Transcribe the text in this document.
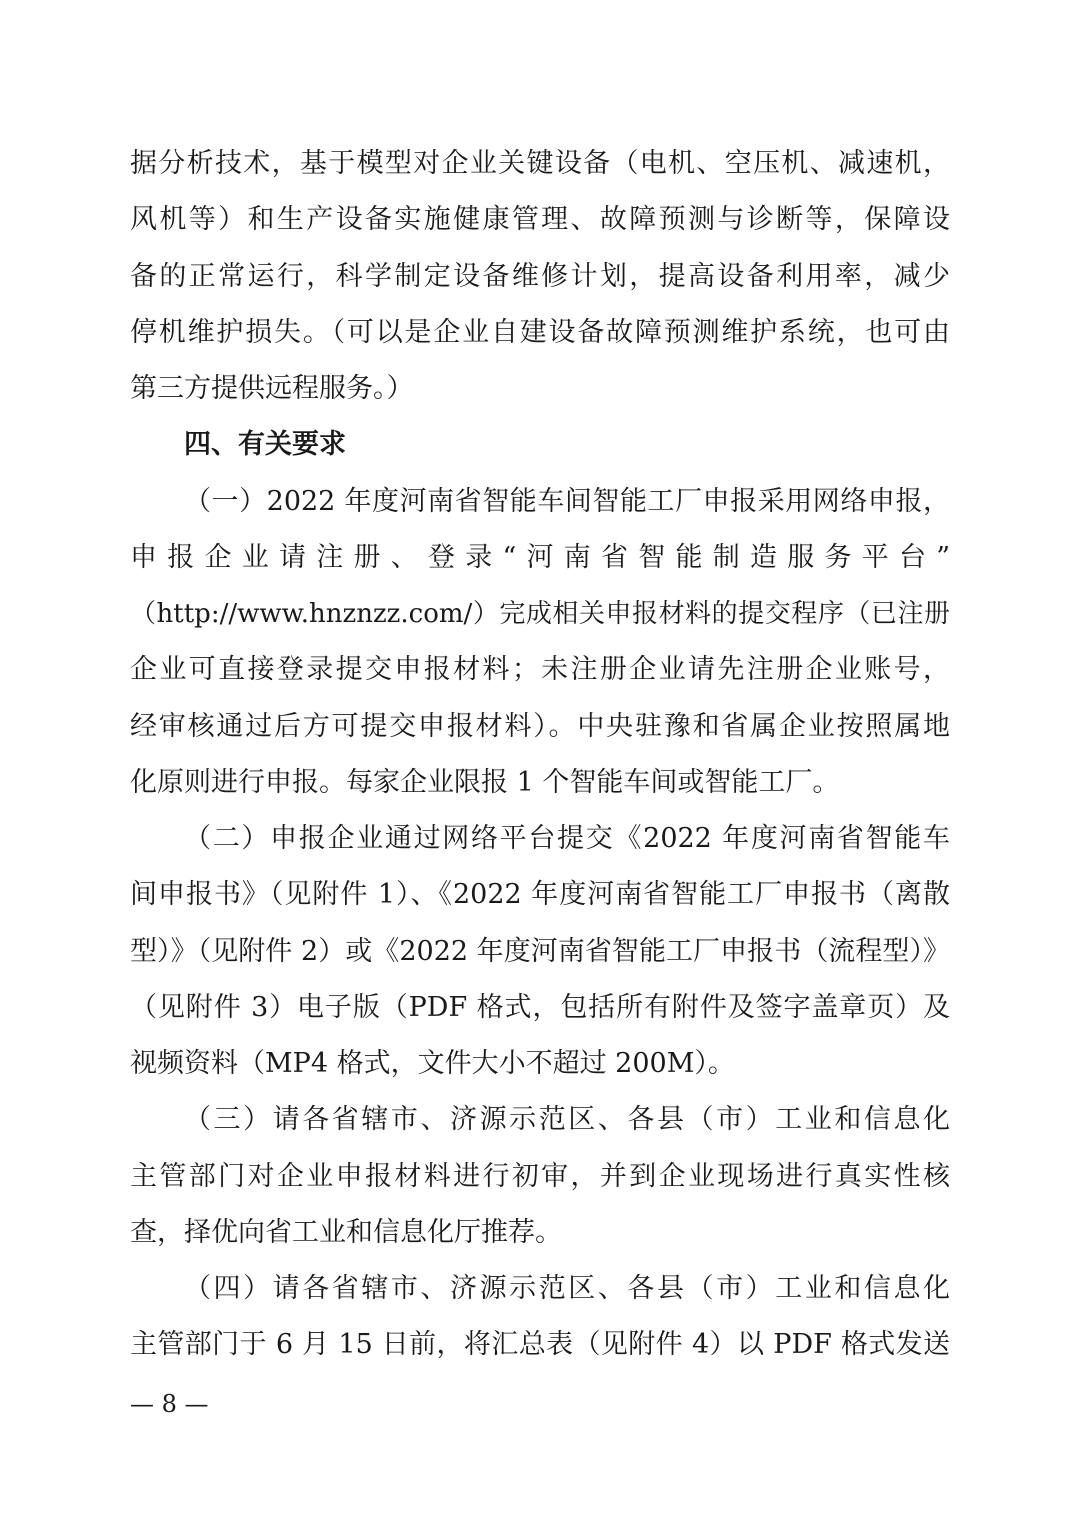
据分析技术，基于模型对企业关键设备（电机、空压机、减速机，
风机等）和生产设备实施健康管理、故障预测与诊断等，保障设
备的正常运行，科学制定设备维修计划，提高设备利用率，减少
停机维护损失。（可以是企业自建设备故障预测维护系统，也可由
第三方提供远程服务。）
四、有关要求
（一）2022 年度河南省智能车间智能工厂申报采用网络申报，
申报企业请注册、登录“河南省智能制造服务平台”
（http://www.hnznzz.com/）完成相关申报材料的提交程序（已注册
企业可直接登录提交申报材料；未注册企业请先注册企业账号，
经审核通过后方可提交申报材料）。中央驻豫和省属企业按照属地
化原则进行申报。每家企业限报 1 个智能车间或智能工厂。
（二）申报企业通过网络平台提交《2022 年度河南省智能车
间申报书》（见附件 1）、《2022 年度河南省智能工厂申报书（离散
型）》（见附件 2）或《2022 年度河南省智能工厂申报书（流程型）》
（见附件 3）电子版（PDF 格式，包括所有附件及签字盖章页）及
视频资料（MP4 格式，文件大小不超过 200M）。
（三）请各省辖市、济源示范区、各县（市）工业和信息化
主管部门对企业申报材料进行初审，并到企业现场进行真实性核
查，择优向省工业和信息化厅推荐。
（四）请各省辖市、济源示范区、各县（市）工业和信息化
主管部门于 6 月 15 日前，将汇总表（见附件 4）以 PDF 格式发送
— 8 —
